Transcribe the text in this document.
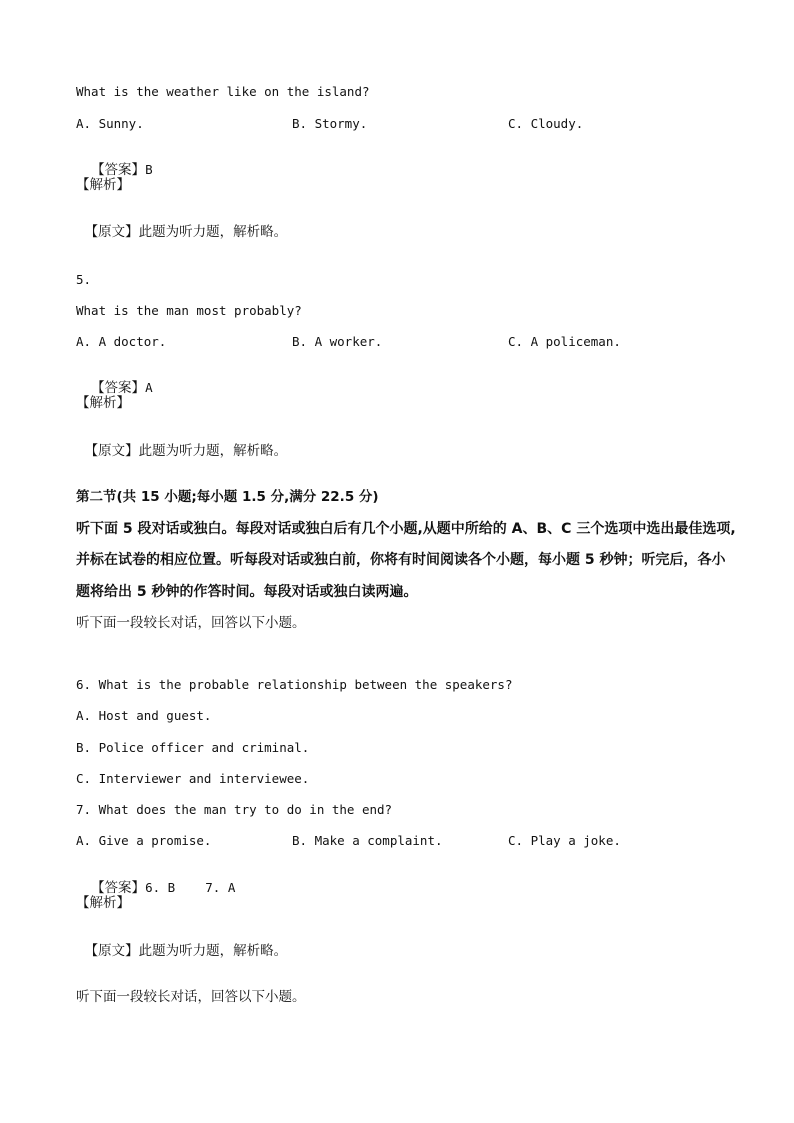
What is the weather like on the island?
A. Sunny.	B. Stormy.	C. Cloudy.

【答案】B

【解析】

【原文】此题为听力题，解析略。

5.
What is the man most probably?
A. A doctor.	B. A worker.	C. A policeman.

【答案】A

【解析】

【原文】此题为听力题，解析略。

第二节(共 15 小题;每小题 1.5 分,满分 22.5 分)
听下面 5 段对话或独白。每段对话或独白后有几个小题,从题中所给的 A、B、C 三个选项中选出最佳选项,
并标在试卷的相应位置。听每段对话或独白前，你将有时间阅读各个小题，每小题 5 秒钟；听完后，各小
题将给出 5 秒钟的作答时间。每段对话或独白读两遍。
听下面一段较长对话，回答以下小题。
6. What is the probable relationship between the speakers?
A. Host and guest.
B. Police officer and criminal.
C. Interviewer and interviewee.
7. What does the man try to do in the end?
A. Give a promise.	B. Make a complaint.	C. Play a joke.

【答案】6. B    7. A

【解析】

【原文】此题为听力题，解析略。

听下面一段较长对话，回答以下小题。
